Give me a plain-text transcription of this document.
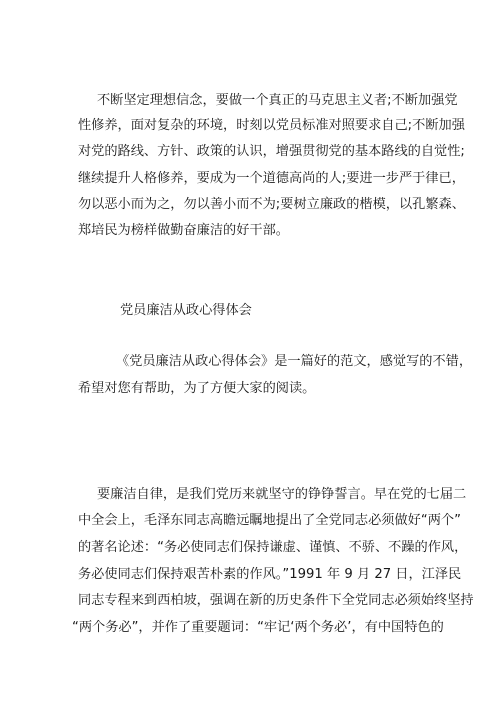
不断坚定理想信念，要做一个真正的马克思主义者;不断加强党
性修养，面对复杂的环境，时刻以党员标准对照要求自己;不断加强
对党的路线、方针、政策的认识，增强贯彻党的基本路线的自觉性;
继续提升人格修养，要成为一个道德高尚的人;要进一步严于律已，
勿以恶小而为之，勿以善小而不为;要树立廉政的楷模，以孔繁森、
郑培民为榜样做勤奋廉洁的好干部。
党员廉洁从政心得体会
《党员廉洁从政心得体会》是一篇好的范文，感觉写的不错，
希望对您有帮助，为了方便大家的阅读。
要廉洁自律，是我们党历来就坚守的铮铮誓言。早在党的七届二
中全会上，毛泽东同志高瞻远瞩地提出了全党同志必须做好“两个”
的著名论述：“务必使同志们保持谦虚、谨慎、不骄、不躁的作风，
务必使同志们保持艰苦朴素的作风。”1991 年 9 月 27 日，江泽民
同志专程来到西柏坡，强调在新的历史条件下全党同志必须始终坚持
“两个务必”，并作了重要题词：“牢记‘两个务必’，有中国特色的
